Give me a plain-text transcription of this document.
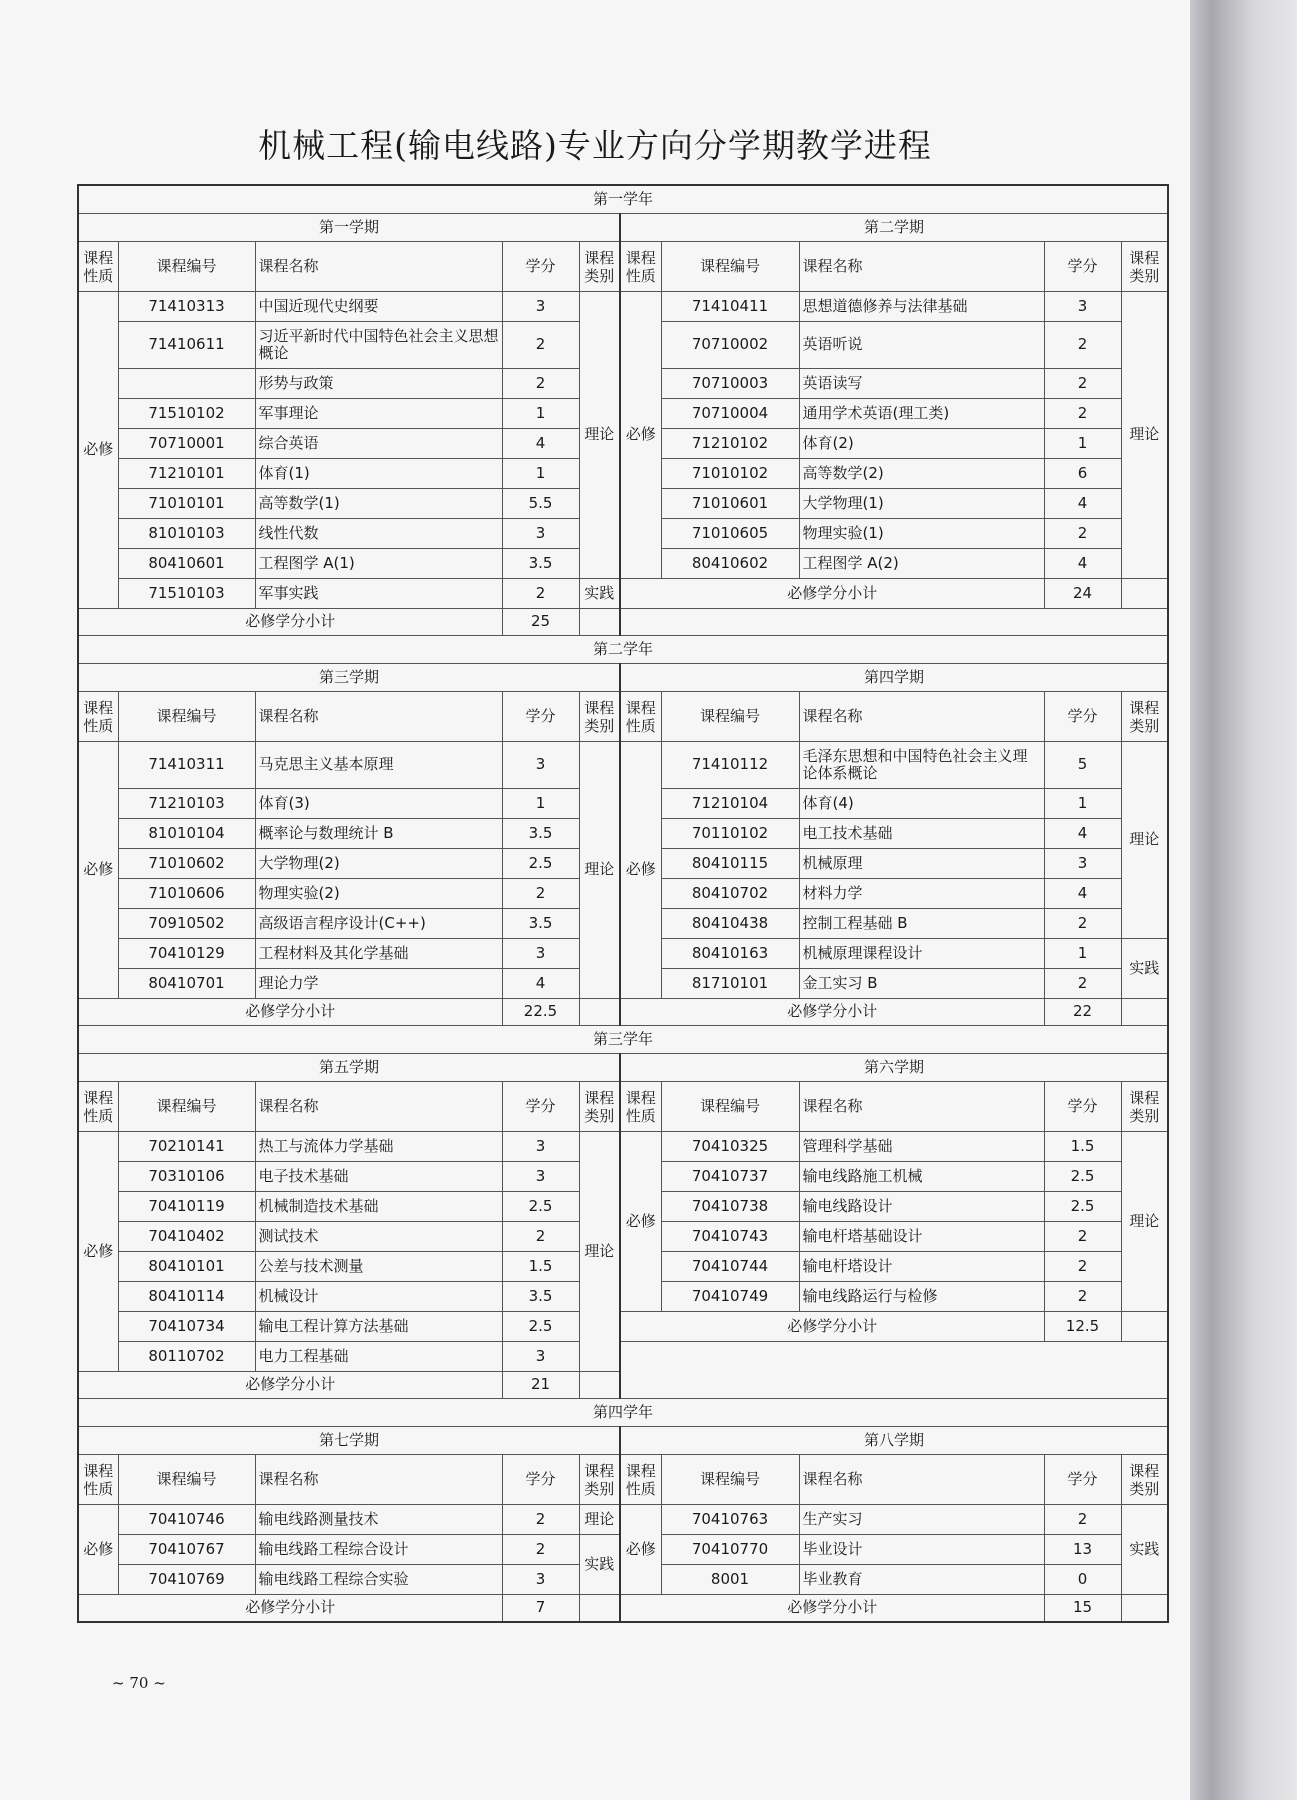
机械工程(输电线路)专业方向分学期教学进程
第一学年									
第一学期					第二学期				
课程性质	课程编号	课程名称	学分	课程类别	课程性质	课程编号	课程名称	学分	课程类别
必修	71410313	中国近现代史纲要	3	理论	必修	71410411	思想道德修养与法律基础	3	理论
	71410611	习近平新时代中国特色社会主义思想概论	2			70710002	英语听说	2	
		形势与政策	2			70710003	英语读写	2	
	71510102	军事理论	1			70710004	通用学术英语(理工类)	2	
	70710001	综合英语	4			71210102	体育(2)	1	
	71210101	体育(1)	1			71010102	高等数学(2)	6	
	71010101	高等数学(1)	5.5			71010601	大学物理(1)	4	
	81010103	线性代数	3			71010605	物理实验(1)	2	
	80410601	工程图学 A(1)	3.5			80410602	工程图学 A(2)	4	
	71510103	军事实践	2	实践	必修学分小计			24	
必修学分小计			25						
第二学年									
第三学期					第四学期				
课程性质	课程编号	课程名称	学分	课程类别	课程性质	课程编号	课程名称	学分	课程类别
必修	71410311	马克思主义基本原理	3	理论	必修	71410112	毛泽东思想和中国特色社会主义理论体系概论	5	理论
	71210103	体育(3)	1			71210104	体育(4)	1	
	81010104	概率论与数理统计 B	3.5			70110102	电工技术基础	4	
	71010602	大学物理(2)	2.5			80410115	机械原理	3	
	71010606	物理实验(2)	2			80410702	材料力学	4	
	70910502	高级语言程序设计(C++)	3.5			80410438	控制工程基础 B	2	
	70410129	工程材料及其化学基础	3			80410163	机械原理课程设计	1	实践
	80410701	理论力学	4			81710101	金工实习 B	2	
必修学分小计			22.5		必修学分小计			22	
第三学年									
第五学期					第六学期				
课程性质	课程编号	课程名称	学分	课程类别	课程性质	课程编号	课程名称	学分	课程类别
必修	70210141	热工与流体力学基础	3	理论	必修	70410325	管理科学基础	1.5	理论
	70310106	电子技术基础	3			70410737	输电线路施工机械	2.5	
	70410119	机械制造技术基础	2.5			70410738	输电线路设计	2.5	
	70410402	测试技术	2			70410743	输电杆塔基础设计	2	
	80410101	公差与技术测量	1.5			70410744	输电杆塔设计	2	
	80410114	机械设计	3.5			70410749	输电线路运行与检修	2	
	70410734	输电工程计算方法基础	2.5		必修学分小计			12.5	
	80110702	电力工程基础	3						
必修学分小计			21						
第四学年									
第七学期					第八学期				
课程性质	课程编号	课程名称	学分	课程类别	课程性质	课程编号	课程名称	学分	课程类别
必修	70410746	输电线路测量技术	2	理论	必修	70410763	生产实习	2	实践
	70410767	输电线路工程综合设计	2	实践		70410770	毕业设计	13	
	70410769	输电线路工程综合实验	3			8001	毕业教育	0	
必修学分小计			7		必修学分小计			15	
~ 70 ~
